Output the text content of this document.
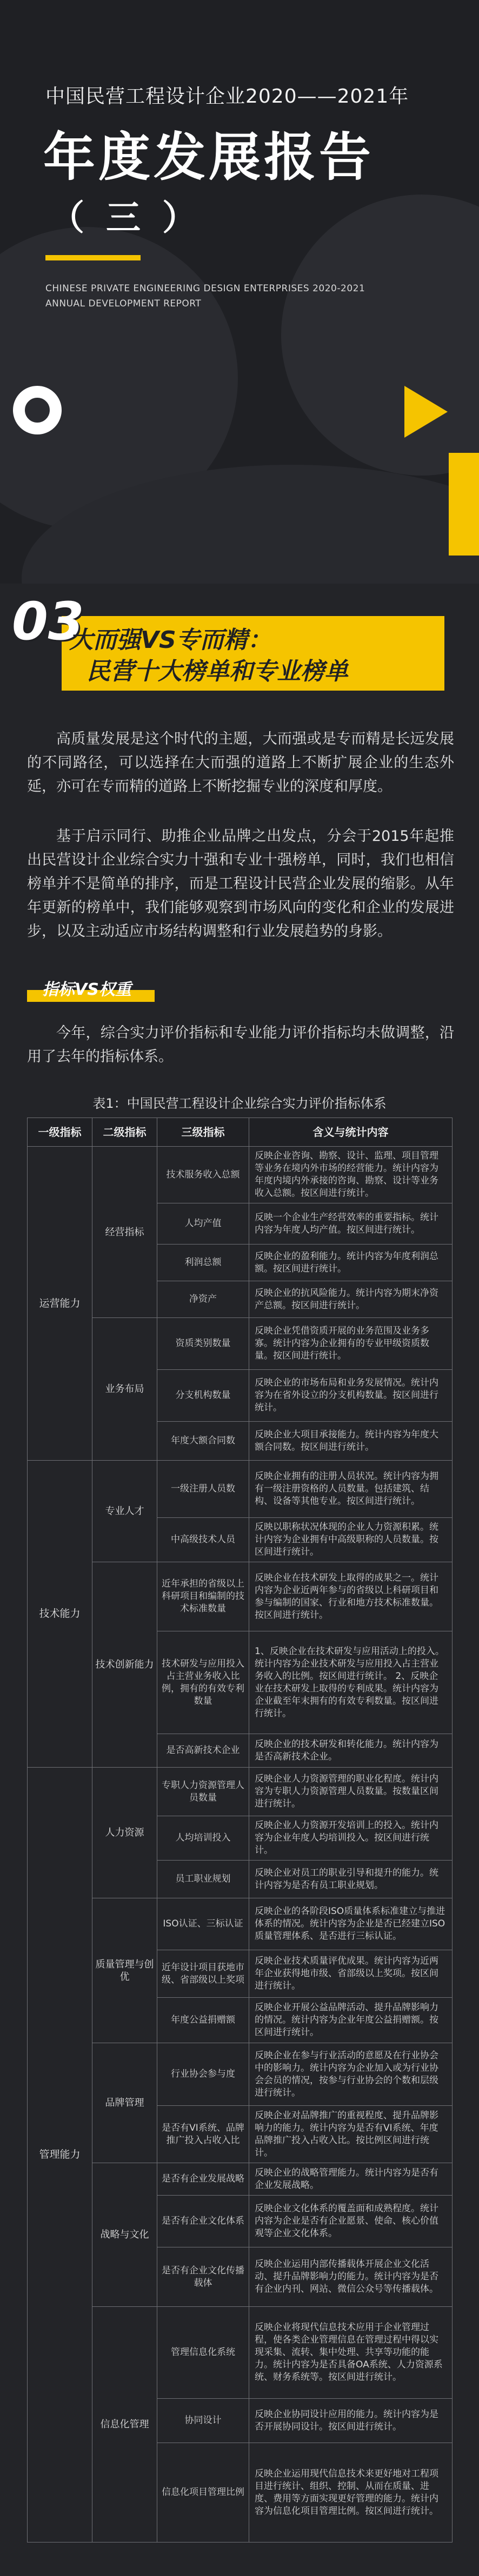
中国民营工程设计企业2020——2021年
年度发展报告
（三）
CHINESE PRIVATE ENGINEERING DESIGN ENTERPRISES 2020-2021
ANNUAL DEVELOPMENT REPORT
03
大而强VS专而精：
民营十大榜单和专业榜单
高质量发展是这个时代的主题，大而强或是专而精是长远发展的不同路径，可以选择在大而强的道路上不断扩展企业的生态外延，亦可在专而精的道路上不断挖掘专业的深度和厚度。
基于启示同行、助推企业品牌之出发点，分会于2015年起推出民营设计企业综合实力十强和专业十强榜单，同时，我们也相信榜单并不是简单的排序，而是工程设计民营企业发展的缩影。从年年更新的榜单中，我们能够观察到市场风向的变化和企业的发展进步，以及主动适应市场结构调整和行业发展趋势的身影。
指标VS权重
今年，综合实力评价指标和专业能力评价指标均未做调整，沿用了去年的指标体系。
表1：中国民营工程设计企业综合实力评价指标体系
一级指标	二级指标	三级指标	含义与统计内容
运营能力	经营指标	技术服务收入总额	反映企业咨询、勘察、设计、监理、项目管理等业务在境内外市场的经营能力。统计内容为年度内境内外承接的咨询、勘察、设计等业务收入总额。按区间进行统计。
		人均产值	反映一个企业生产经营效率的重要指标。统计内容为年度人均产值。按区间进行统计。
		利润总额	反映企业的盈利能力。统计内容为年度利润总额。按区间进行统计。
		净资产	反映企业的抗风险能力。统计内容为期末净资产总额。按区间进行统计。
	业务布局	资质类别数量	反映企业凭借资质开展的业务范围及业务多寡。统计内容为企业拥有的专业甲级资质数量。按区间进行统计。
		分支机构数量	反映企业的市场布局和业务发展情况。统计内容为在省外设立的分支机构数量。按区间进行统计。
		年度大额合同数	反映企业大项目承接能力。统计内容为年度大额合同数。按区间进行统计。
技术能力	专业人才	一级注册人员数	反映企业拥有的注册人员状况。统计内容为拥有一级注册资格的人员数量。包括建筑、结构、设备等其他专业。按区间进行统计。
		中高级技术人员	反映以职称状况体现的企业人力资源积累。统计内容为企业拥有中高级职称的人员数量。按区间进行统计。
	技术创新能力	近年承担的省级以上科研项目和编制的技术标准数量	反映企业在技术研发上取得的成果之一。统计内容为企业近两年参与的省级以上科研项目和参与编制的国家、行业和地方技术标准数量。按区间进行统计。
		技术研发与应用投入占主营业务收入比例，拥有的有效专利数量	1、反映企业在技术研发与应用活动上的投入。统计内容为企业技术研发与应用投入占主营业务收入的比例。按区间进行统计。 2、反映企业在技术研发上取得的专利成果。统计内容为企业截至年末拥有的有效专利数量。按区间进行统计。
		是否高新技术企业	反映企业的技术研发和转化能力。统计内容为是否高新技术企业。
管理能力	人力资源	专职人力资源管理人员数量	反映企业人力资源管理的职业化程度。统计内容为专职人力资源管理人员数量。按数量区间进行统计。
		人均培训投入	反映企业人力资源开发培训上的投入。统计内容为企业年度人均培训投入。按区间进行统计。
		员工职业规划	反映企业对员工的职业引导和提升的能力。统计内容为是否有员工职业规划。
	质量管理与创优	ISO认证、三标认证	反映企业的各阶段ISO质量体系标准建立与推进体系的情况。统计内容为企业是否已经建立ISO质量管理体系、是否进行三标认证。
		近年设计项目获地市级、省部级以上奖项	反映企业技术质量评优成果。统计内容为近两年企业获得地市级、省部级以上奖项。按区间进行统计。
		年度公益捐赠额	反映企业开展公益品牌活动、提升品牌影响力的情况。统计内容为企业年度公益捐赠额。按区间进行统计。
	品牌管理	行业协会参与度	反映企业在参与行业活动的意愿及在行业协会中的影响力。统计内容为企业加入或为行业协会会员的情况，按参与行业协会的个数和层级进行统计。
		是否有VI系统、品牌推广投入占收入比	反映企业对品牌推广的重视程度、提升品牌影响力的能力。统计内容为是否有VI系统、年度品牌推广投入占收入比。按比例区间进行统计。
	战略与文化	是否有企业发展战略	反映企业的战略管理能力。统计内容为是否有企业发展战略。
		是否有企业文化体系	反映企业文化体系的覆盖面和成熟程度。统计内容为企业是否有企业愿景、使命、核心价值观等企业文化体系。
		是否有企业文化传播载体	反映企业运用内部传播载体开展企业文化活动、提升品牌影响力的能力。统计内容为是否有企业内刊、网站、微信公众号等传播载体。
	信息化管理	管理信息化系统	反映企业将现代信息技术应用于企业管理过程，使各类企业管理信息在管理过程中得以实现采集、流转、集中处理、共享等功能的能力。统计内容为是否具备OA系统、人力资源系统、财务系统等。按区间进行统计。
		协同设计	反映企业协同设计应用的能力。统计内容为是否开展协同设计。按区间进行统计。
		信息化项目管理比例	反映企业运用现代信息技术来更好地对工程项目进行统计、组织、控制、从而在质量、进度、费用等方面实现更好管理的能力。统计内容为信息化项目管理比例。按区间进行统计。
